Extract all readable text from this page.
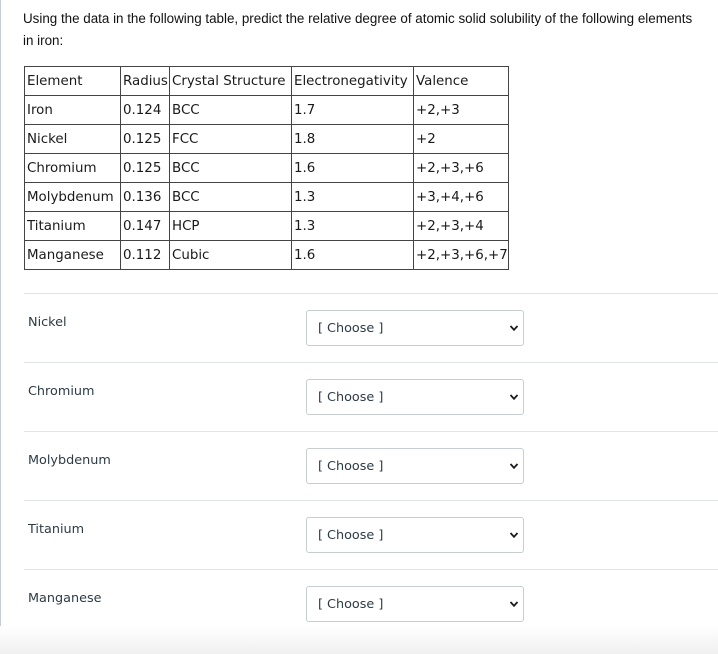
Using the data in the following table, predict the relative degree of atomic solid solubility of the following elements

in iron:

Element	Radius	Crystal Structure	Electronegativity	Valence
Iron	0.124	BCC	1.7	+2,+3
Nickel	0.125	FCC	1.8	+2
Chromium	0.125	BCC	1.6	+2,+3,+6
Molybdenum	0.136	BCC	1.3	+3,+4,+6
Titanium	0.147	HCP	1.3	+2,+3,+4
Manganese	0.112	Cubic	1.6	+2,+3,+6,+7
Nickel	[ Choose ]
Chromium	[ Choose ]
Molybdenum	[ Choose ]
Titanium	[ Choose ]
Manganese	[ Choose ]
